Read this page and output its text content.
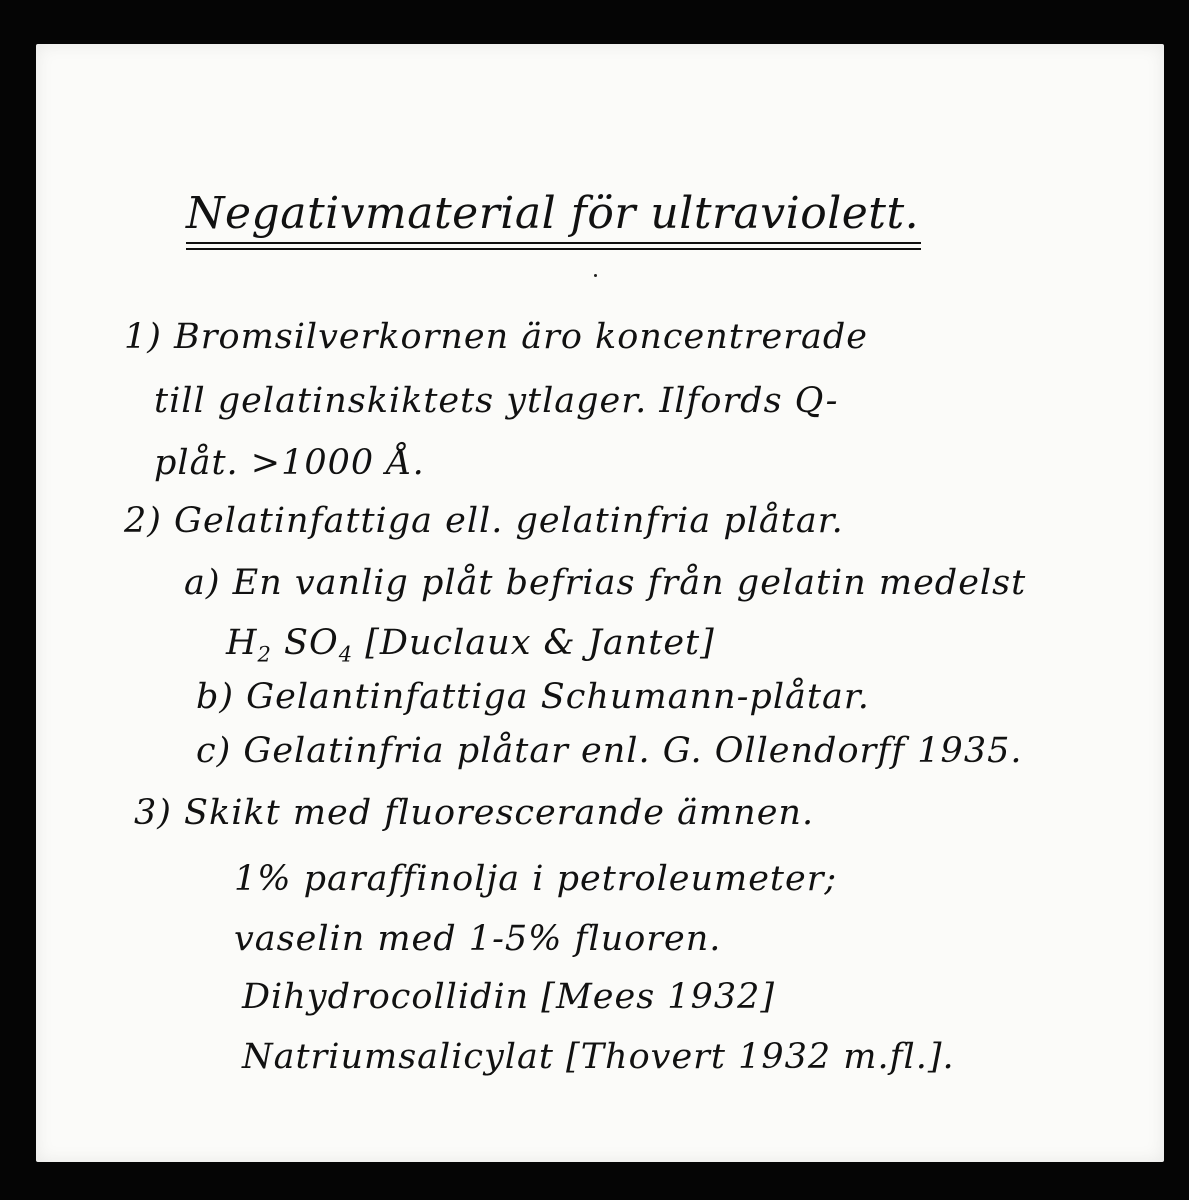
Negativmaterial för ultraviolett.
1) Bromsilverkornen äro koncentrerade
till gelatinskiktets ytlager. Ilfords Q-
plåt. >1000 Å.
2) Gelatinfattiga ell. gelatinfria plåtar.
a) En vanlig plåt befrias från gelatin medelst
$H_2$ $SO_4$ [Duclaux & Jantet]
b) Gelantinfattiga Schumann-plåtar.
c) Gelatinfria plåtar enl. G. Ollendorff 1935.
3) Skikt med fluorescerande ämnen.
1% paraffinolja i petroleumeter;
vaselin med 1-5% fluoren.
Dihydrocollidin [Mees 1932]
Natriumsalicylat [Thovert 1932 m.fl.].
